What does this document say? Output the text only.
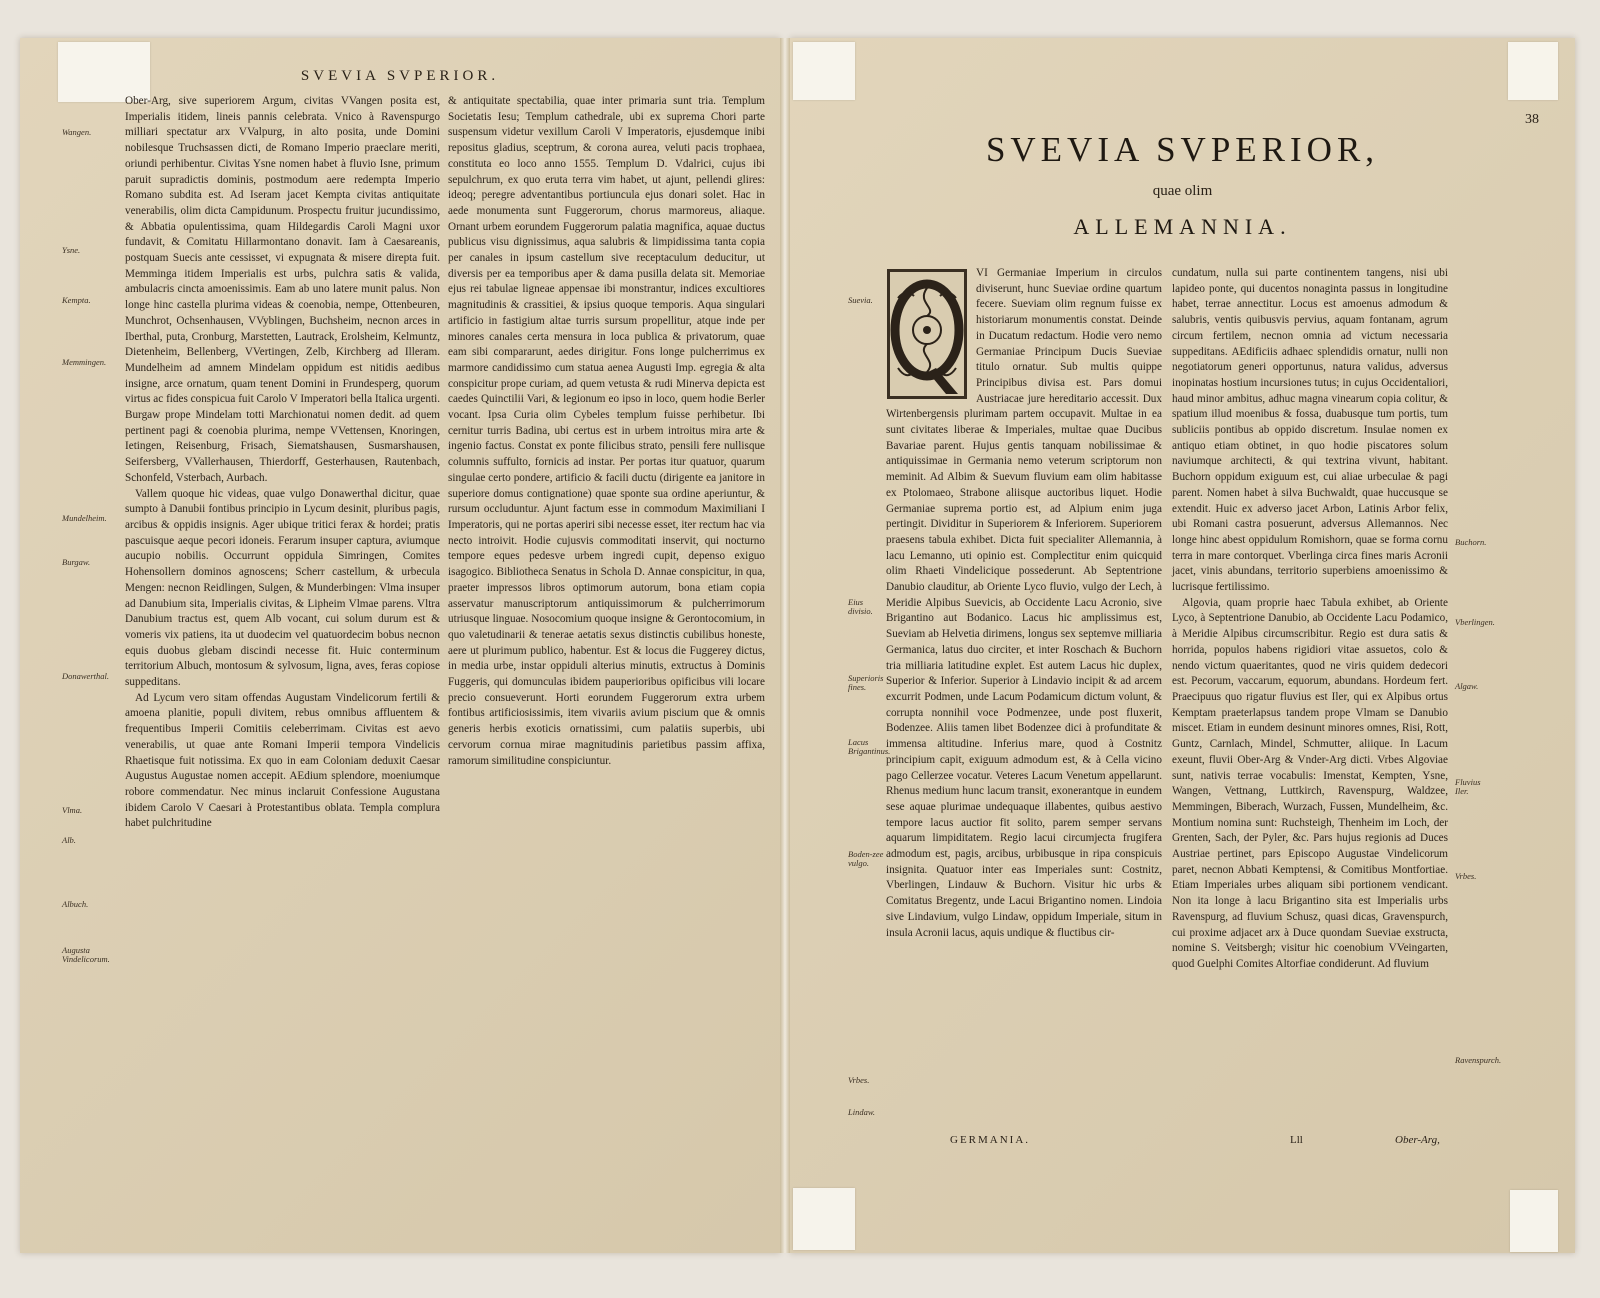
SVEVIA SVPERIOR.

Ober-Arg, sive superiorem Argum, civitas VVangen posita est, Imperialis itidem, lineis pannis celebrata. Vnico à Ravenspurgo milliari spectatur arx VValpurg, in alto posita, unde Domini nobilesque Truchsassen dicti, de Romano Imperio praeclare meriti, oriundi perhibentur. Civitas Ysne nomen habet à fluvio Isne, primum paruit supradictis dominis, postmodum aere redempta Imperio Romano subdita est. Ad Iseram jacet Kempta civitas antiquitate venerabilis, olim dicta Campidunum. Prospectu fruitur jucundissimo, & Abbatia opulentissima, quam Hildegardis Caroli Magni uxor fundavit, & Comitatu Hillarmontano donavit. Iam à Caesareanis, postquam Suecis ante cessisset, vi expugnata & misere direpta fuit. Memminga itidem Imperialis est urbs, pulchra satis & valida, ambulacris cincta amoenissimis. Eam ab uno latere munit palus. Non longe hinc castella plurima videas & coenobia, nempe, Ottenbeuren, Munchrot, Ochsenhausen, VVyblingen, Buchsheim, necnon arces in Iberthal, puta, Cronburg, Marstetten, Lautrack, Erolsheim, Kelmuntz, Dietenheim, Bellenberg, VVertingen, Zelb, Kirchberg ad Illeram. Mundelheim ad amnem Mindelam oppidum est nitidis aedibus insigne, arce ornatum, quam tenent Domini in Frundesperg, quorum virtus ac fides conspicua fuit Carolo V Imperatori bella Italica urgenti. Burgaw prope Mindelam totti Marchionatui nomen dedit. ad quem pertinent pagi & coenobia plurima, nempe VVettensen, Knoringen, Ietingen, Reisenburg, Frisach, Siematshausen, Susmarshausen, Seifersberg, VVallerhausen, Thierdorff, Gesterhausen, Rautenbach, Schonfeld, Vsterbach, Aurbach.

Vallem quoque hic videas, quae vulgo Donawerthal dicitur, quae sumpto à Danubii fontibus principio in Lycum desinit, pluribus pagis, arcibus & oppidis insignis. Ager ubique tritici ferax & hordei; pratis pascuisque aeque pecori idoneis. Ferarum insuper captura, aviumque aucupio nobilis. Occurrunt oppidula Simringen, Comites Hohensollern dominos agnoscens; Scherr castellum, & urbecula Mengen: necnon Reidlingen, Sulgen, & Munderbingen: Vlma insuper ad Danubium sita, Imperialis civitas, & Lipheim Vlmae parens. Vltra Danubium tractus est, quem Alb vocant, cui solum durum est & vomeris vix patiens, ita ut duodecim vel quatuordecim bobus necnon equis duobus glebam discindi necesse fit. Huic conterminum territorium Albuch, montosum & sylvosum, ligna, aves, feras copiose suppeditans.

Ad Lycum vero sitam offendas Augustam Vindelicorum fertili & amoena planitie, populi divitem, rebus omnibus affluentem & frequentibus Imperii Comitiis celeberrimam. Civitas est aevo venerabilis, ut quae ante Romani Imperii tempora Vindelicis Rhaetisque fuit notissima. Ex quo in eam Coloniam deduxit Caesar Augustus Augustae nomen accepit. AEdium splendore, moeniumque robore commendatur. Nec minus inclaruit Confessione Augustana ibidem Carolo V Caesari à Protestantibus oblata. Templa complura habet pulchritudine

& antiquitate spectabilia, quae inter primaria sunt tria. Templum Societatis Iesu; Templum cathedrale, ubi ex suprema Chori parte suspensum videtur vexillum Caroli V Imperatoris, ejusdemque inibi repositus gladius, sceptrum, & corona aurea, veluti pacis trophaea, constituta eo loco anno 1555. Templum D. Vdalrici, cujus ibi sepulchrum, ex quo eruta terra vim habet, ut ajunt, pellendi glires: ideoq; peregre adventantibus portiuncula ejus donari solet. Hac in aede monumenta sunt Fuggerorum, chorus marmoreus, aliaque. Ornant urbem eorundem Fuggerorum palatia magnifica, aquae ductus publicus visu dignissimus, aqua salubris & limpidissima tanta copia per canales in ipsum castellum sive receptaculum deducitur, ut diversis per ea temporibus aper & dama pusilla delata sit. Memoriae ejus rei tabulae ligneae appensae ibi monstrantur, indices excultiores magnitudinis & crassitiei, & ipsius quoque temporis. Aqua singulari artificio in fastigium altae turris sursum propellitur, atque inde per minores canales certa mensura in loca publica & privatorum, quae eam sibi compararunt, aedes dirigitur. Fons longe pulcherrimus ex marmore candidissimo cum statua aenea Augusti Imp. egregia & alta conspicitur prope curiam, ad quem vetusta & rudi Minerva depicta est caedes Quinctilii Vari, & legionum eo ipso in loco, quem hodie Berler vocant. Ipsa Curia olim Cybeles templum fuisse perhibetur. Ibi cernitur turris Badina, ubi certus est in urbem introitus mira arte & ingenio factus. Constat ex ponte filicibus strato, pensili fere nullisque columnis suffulto, fornicis ad instar. Per portas itur quatuor, quarum singulae certo pondere, artificio & facili ductu (dirigente ea janitore in superiore domus contignatione) quae sponte sua ordine aperiuntur, & rursum occluduntur. Ajunt factum esse in commodum Maximiliani I Imperatoris, qui ne portas aperiri sibi necesse esset, iter rectum hac via necto introivit. Hodie cujusvis commoditati inservit, qui nocturno tempore eques pedesve urbem ingredi cupit, depenso exiguo isagogico. Bibliotheca Senatus in Schola D. Annae conspicitur, in qua, praeter impressos libros optimorum autorum, bona etiam copia asservatur manuscriptorum antiquissimorum & pulcherrimorum utriusque linguae. Nosocomium quoque insigne & Gerontocomium, in quo valetudinarii & tenerae aetatis sexus distinctis cubilibus honeste, aere ut plurimum publico, habentur. Est & locus die Fuggerey dictus, in media urbe, instar oppiduli alterius minutis, extructus à Dominis Fuggeris, qui domunculas ibidem pauperioribus opificibus vili locare precio consueverunt. Horti eorundem Fuggerorum extra urbem fontibus artificiosissimis, item vivariis avium piscium que & omnis generis herbis exoticis ornatissimi, cum palatiis superbis, ubi cervorum cornua mirae magnitudinis parietibus passim affixa, ramorum similitudine conspiciuntur.

Wangen.
Ysne.
Kempta.
Memmingen.
Mundelheim.
Burgaw.
Donawerthal.
Vlma.
Alb.
Albuch.
Augusta Vindelicorum.
38
SVEVIA SVPERIOR,
quae olim
ALLEMANNIA.

VI Germaniae Imperium in circulos diviserunt, hunc Sueviae ordine quartum fecere. Sueviam olim regnum fuisse ex historiarum monumentis constat. Deinde in Ducatum redactum. Hodie vero nemo Germaniae Principum Ducis Sueviae titulo ornatur. Sub multis quippe Principibus divisa est. Pars domui Austriacae jure hereditario accessit. Dux Wirtenbergensis plurimam partem occupavit. Multae in ea sunt civitates liberae & Imperiales, multae quae Ducibus Bavariae parent. Hujus gentis tanquam nobilissimae & antiquissimae in Germania nemo veterum scriptorum non meminit. Ad Albim & Suevum fluvium eam olim habitasse ex Ptolomaeo, Strabone aliisque auctoribus liquet. Hodie Germaniae suprema portio est, ad Alpium enim juga pertingit. Dividitur in Superiorem & Inferiorem. Superiorem praesens tabula exhibet. Dicta fuit specialiter Allemannia, à lacu Lemanno, uti opinio est. Complectitur enim quicquid olim Rhaeti Vindelicique possederunt. Ab Septentrione Danubio clauditur, ab Oriente Lyco fluvio, vulgo der Lech, à Meridie Alpibus Suevicis, ab Occidente Lacu Acronio, sive Brigantino aut Bodanico. Lacus hic amplissimus est, Sueviam ab Helvetia dirimens, longus sex septemve milliaria Germanica, latus duo circiter, et inter Roschach & Buchorn tria milliaria latitudine explet. Est autem Lacus hic duplex, Superior & Inferior. Superior à Lindavio incipit & ad arcem excurrit Podmen, unde Lacum Podamicum dictum volunt, & corrupta nonnihil voce Podmenzee, unde post fluxerit, Bodenzee. Aliis tamen libet Bodenzee dici à profunditate & immensa altitudine. Inferius mare, quod à Costnitz principium capit, exiguum admodum est, & à Cella vicino pago Cellerzee vocatur. Veteres Lacum Venetum appellarunt. Rhenus medium hunc lacum transit, exonerantque in eundem sese aquae plurimae undequaque illabentes, quibus aestivo tempore lacus auctior fit solito, parem semper servans aquarum limpiditatem. Regio lacui circumjecta frugifera admodum est, pagis, arcibus, urbibusque in ripa conspicuis insignita. Quatuor inter eas Imperiales sunt: Costnitz, Vberlingen, Lindauw & Buchorn. Visitur hic urbs & Comitatus Bregentz, unde Lacui Brigantino nomen. Lindoia sive Lindavium, vulgo Lindaw, oppidum Imperiale, situm in insula Acronii lacus, aquis undique & fluctibus cir-

cundatum, nulla sui parte continentem tangens, nisi ubi lapideo ponte, qui ducentos nonaginta passus in longitudine habet, terrae annectitur. Locus est amoenus admodum & salubris, ventis quibusvis pervius, aquam fontanam, agrum circum fertilem, necnon omnia ad victum necessaria suppeditans. AEdificiis adhaec splendidis ornatur, nulli non negotiatorum generi opportunus, natura validus, adversus inopinatas hostium incursiones tutus; in cujus Occidentaliori, haud minor ambitus, adhuc magna vinearum copia colitur, & spatium illud moenibus & fossa, duabusque tum portis, tum subliciis pontibus ab oppido discretum. Insulae nomen ex antiquo etiam obtinet, in quo hodie piscatores solum naviumque architecti, & qui textrina vivunt, habitant. Buchorn oppidum exiguum est, cui aliae urbeculae & pagi parent. Nomen habet à silva Buchwaldt, quae huccusque se extendit. Huic ex adverso jacet Arbon, Latinis Arbor felix, ubi Romani castra posuerunt, adversus Allemannos. Nec longe hinc abest oppidulum Romishorn, quae se forma cornu terra in mare contorquet. Vberlinga circa fines maris Acronii jacet, vinis abundans, territorio superbiens amoenissimo & lucrisque fertilissimo.

Algovia, quam proprie haec Tabula exhibet, ab Oriente Lyco, à Septentrione Danubio, ab Occidente Lacu Podamico, à Meridie Alpibus circumscribitur. Regio est dura satis & horrida, populos habens rigidiori vitae assuetos, colo & nendo victum quaeritantes, quod ne viris quidem dedecori est. Pecorum, vaccarum, equorum, abundans. Hordeum fert. Praecipuus quo rigatur fluvius est Iler, qui ex Alpibus ortus Kemptam praeterlapsus tandem prope Vlmam se Danubio miscet. Etiam in eundem desinunt minores omnes, Risi, Rott, Guntz, Carnlach, Mindel, Schmutter, aliique. In Lacum exeunt, fluvii Ober-Arg & Vnder-Arg dicti. Vrbes Algoviae sunt, nativis terrae vocabulis: Imenstat, Kempten, Ysne, Wangen, Vettnang, Luttkirch, Ravenspurg, Waldzee, Memmingen, Biberach, Wurzach, Fussen, Mundelheim, &c. Montium nomina sunt: Ruchsteigh, Thenheim im Loch, der Grenten, Sach, der Pyler, &c. Pars hujus regionis ad Duces Austriae pertinet, pars Episcopo Augustae Vindelicorum paret, necnon Abbati Kemptensi, & Comitibus Montfortiae. Etiam Imperiales urbes aliquam sibi portionem vendicant. Non ita longe à lacu Brigantino sita est Imperialis urbs Ravenspurg, ad fluvium Schusz, quasi dicas, Gravenspurch, cui proxime adjacet arx à Duce quondam Sueviae exstructa, nomine S. Veitsbergh; visitur hic coenobium VVeingarten, quod Guelphi Comites Altorfiae condiderunt. Ad fluvium

Suevia.
Eius divisio.
Superioris fines.
Lacus Brigantinus.
Boden-zee vulgo.
Vrbes.
Lindaw.
Buchorn.
Vberlingen.
Algaw.
Fluvius Iler.
Vrbes.
Ravenspurch.
GERMANIA.	Lll	Ober-Arg,
